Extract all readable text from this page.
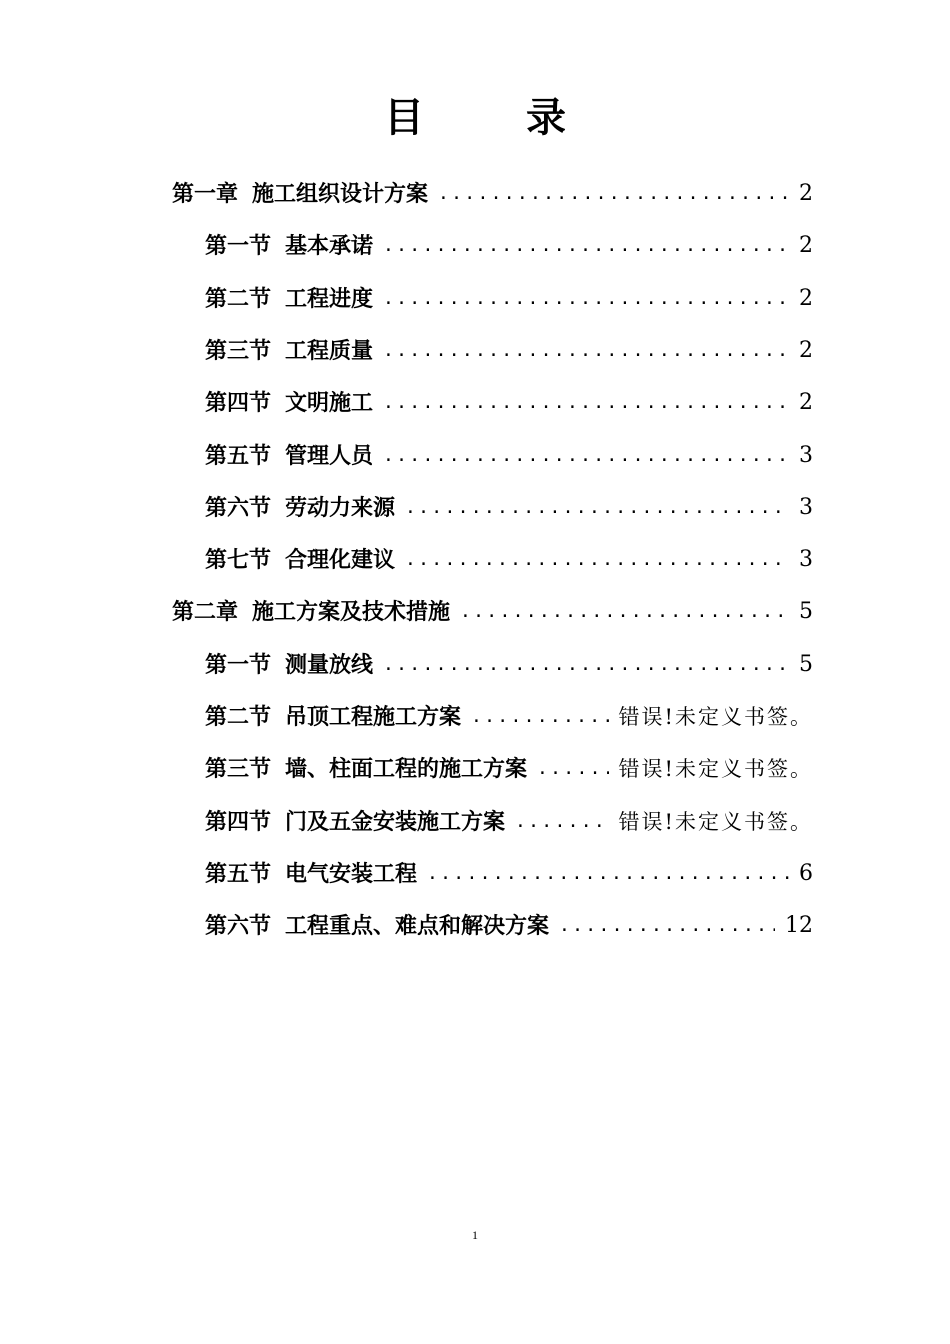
目 录
第一章 施工组织设计方案 .....	2
第一节 基本承诺 .....	2
第二节 工程进度 .....	2
第三节 工程质量 .....	2
第四节 文明施工 .....	2
第五节 管理人员 .....	3
第六节 劳动力来源 .....	3
第七节 合理化建议 .....	3
第二章 施工方案及技术措施 .....	5
第一节 测量放线 .....	5
第二节 吊顶工程施工方案 .....	错误!未定义书签。
第三节 墙、柱面工程的施工方案 .....	错误!未定义书签。
第四节 门及五金安装施工方案 .....	错误!未定义书签。
第五节 电气安装工程 .....	6
第六节 工程重点、难点和解决方案 .....	12
1
